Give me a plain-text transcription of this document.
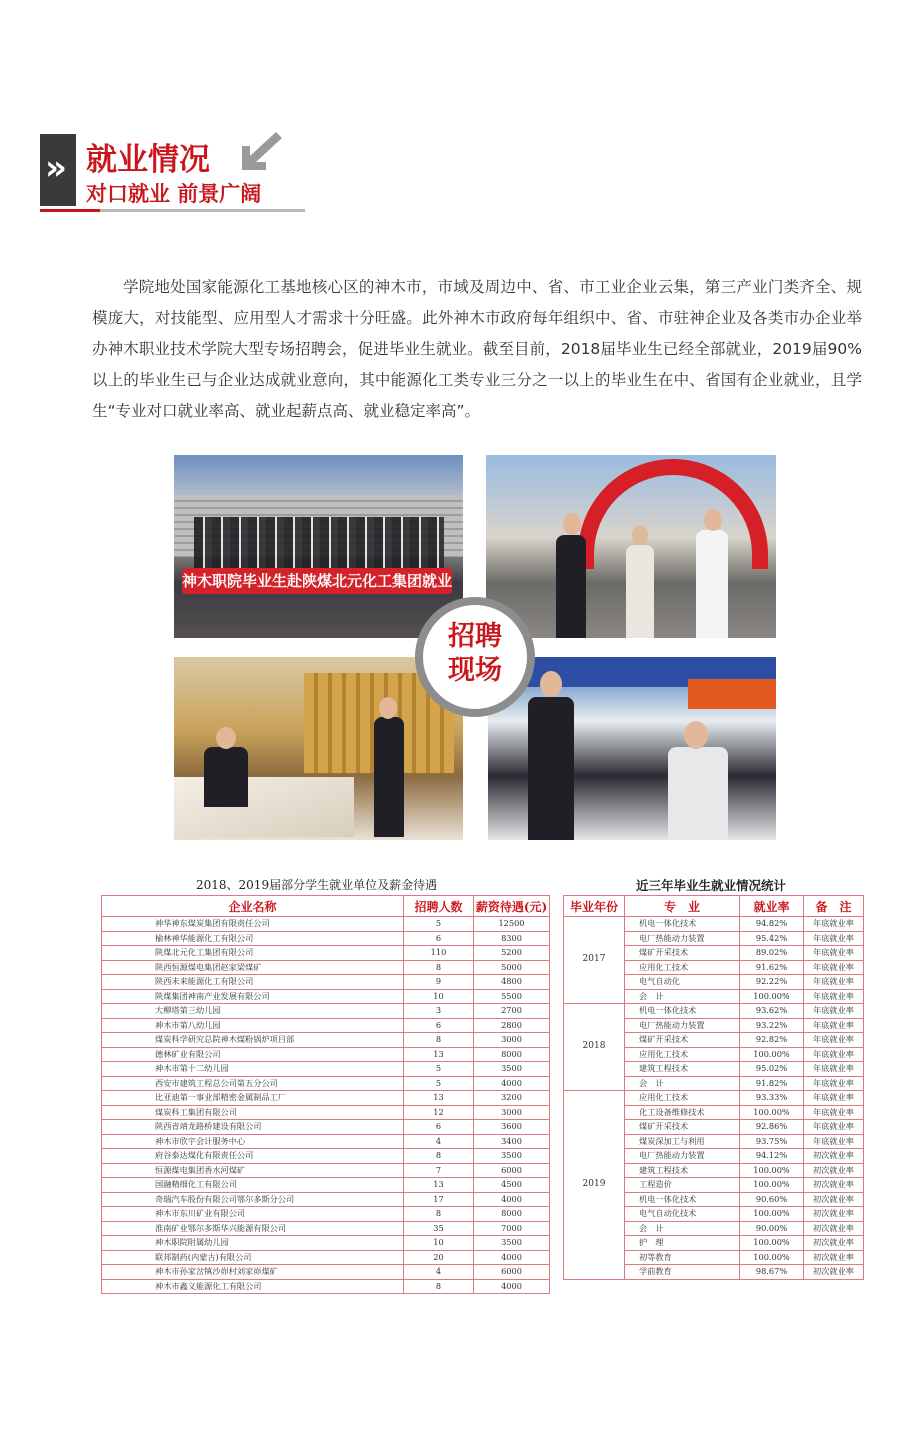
» 就业情况
对口就业 前景广阔

学院地处国家能源化工基地核心区的神木市，市域及周边中、省、市工业企业云集，第三产业门类齐全、规模庞大，对技能型、应用型人才需求十分旺盛。此外神木市政府每年组织中、省、市驻神企业及各类市办企业举办神木职业技术学院大型专场招聘会，促进毕业生就业。截至目前，2018届毕业生已经全部就业，2019届90%以上的毕业生已与企业达成就业意向，其中能源化工类专业三分之一以上的毕业生在中、省国有企业就业，且学生“专业对口就业率高、就业起薪点高、就业稳定率高”。

神木职院毕业生赴陕煤北元化工集团就业
招聘
现场
2018、2019届部分学生就业单位及薪金待遇
企业名称	招聘人数	薪资待遇(元)
神华神东煤炭集团有限责任公司	5	12500
榆林神华能源化工有限公司	6	8300
陕煤北元化工集团有限公司	110	5200
陕西恒源煤电集团赵家梁煤矿	8	5000
陕西未来能源化工有限公司	9	4800
陕煤集团神南产业发展有限公司	10	5500
大柳塔第三幼儿园	3	2700
神木市第八幼儿园	6	2800
煤炭科学研究总院神木煤粉锅炉项目部	8	3000
德林矿业有限公司	13	8000
神木市第十二幼儿园	5	3500
西安市建筑工程总公司第五分公司	5	4000
比亚迪第一事业部精密金属制品工厂	13	3200
煤炭科工集团有限公司	12	3000
陕西省靖龙路桥建设有限公司	6	3600
神木市欣宇会计服务中心	4	3400
府谷泰达煤化有限责任公司	8	3500
恒源煤电集团香水河煤矿	7	6000
国融精细化工有限公司	13	4500
奇瑞汽车股份有限公司鄂尔多斯分公司	17	4000
神木市东川矿业有限公司	8	8000
淮南矿业鄂尔多斯华兴能源有限公司	35	7000
神木职院附属幼儿园	10	3500
联邦制药(内蒙古)有限公司	20	4000
神木市孙家岔镇沙峁村刘家峁煤矿	4	6000
神木市鑫义能源化工有限公司	8	4000
近三年毕业生就业情况统计
毕业年份	专　业	就业率	备　注
2017	机电一体化技术	94.82%	年底就业率
	电厂热能动力装置	95.42%	年底就业率
	煤矿开采技术	89.02%	年底就业率
	应用化工技术	91.62%	年底就业率
	电气自动化	92.22%	年底就业率
	会　计	100.00%	年底就业率
2018	机电一体化技术	93.62%	年底就业率
	电厂热能动力装置	93.22%	年底就业率
	煤矿开采技术	92.82%	年底就业率
	应用化工技术	100.00%	年底就业率
	建筑工程技术	95.02%	年底就业率
	会　计	91.82%	年底就业率
2019	应用化工技术	93.33%	年底就业率
	化工设备维修技术	100.00%	年底就业率
	煤矿开采技术	92.86%	年底就业率
	煤炭深加工与利用	93.75%	年底就业率
	电厂热能动力装置	94.12%	初次就业率
	建筑工程技术	100.00%	初次就业率
	工程造价	100.00%	初次就业率
	机电一体化技术	90.60%	初次就业率
	电气自动化技术	100.00%	初次就业率
	会　计	90.00%	初次就业率
	护　理	100.00%	初次就业率
	初等教育	100.00%	初次就业率
	学前教育	98.67%	初次就业率
